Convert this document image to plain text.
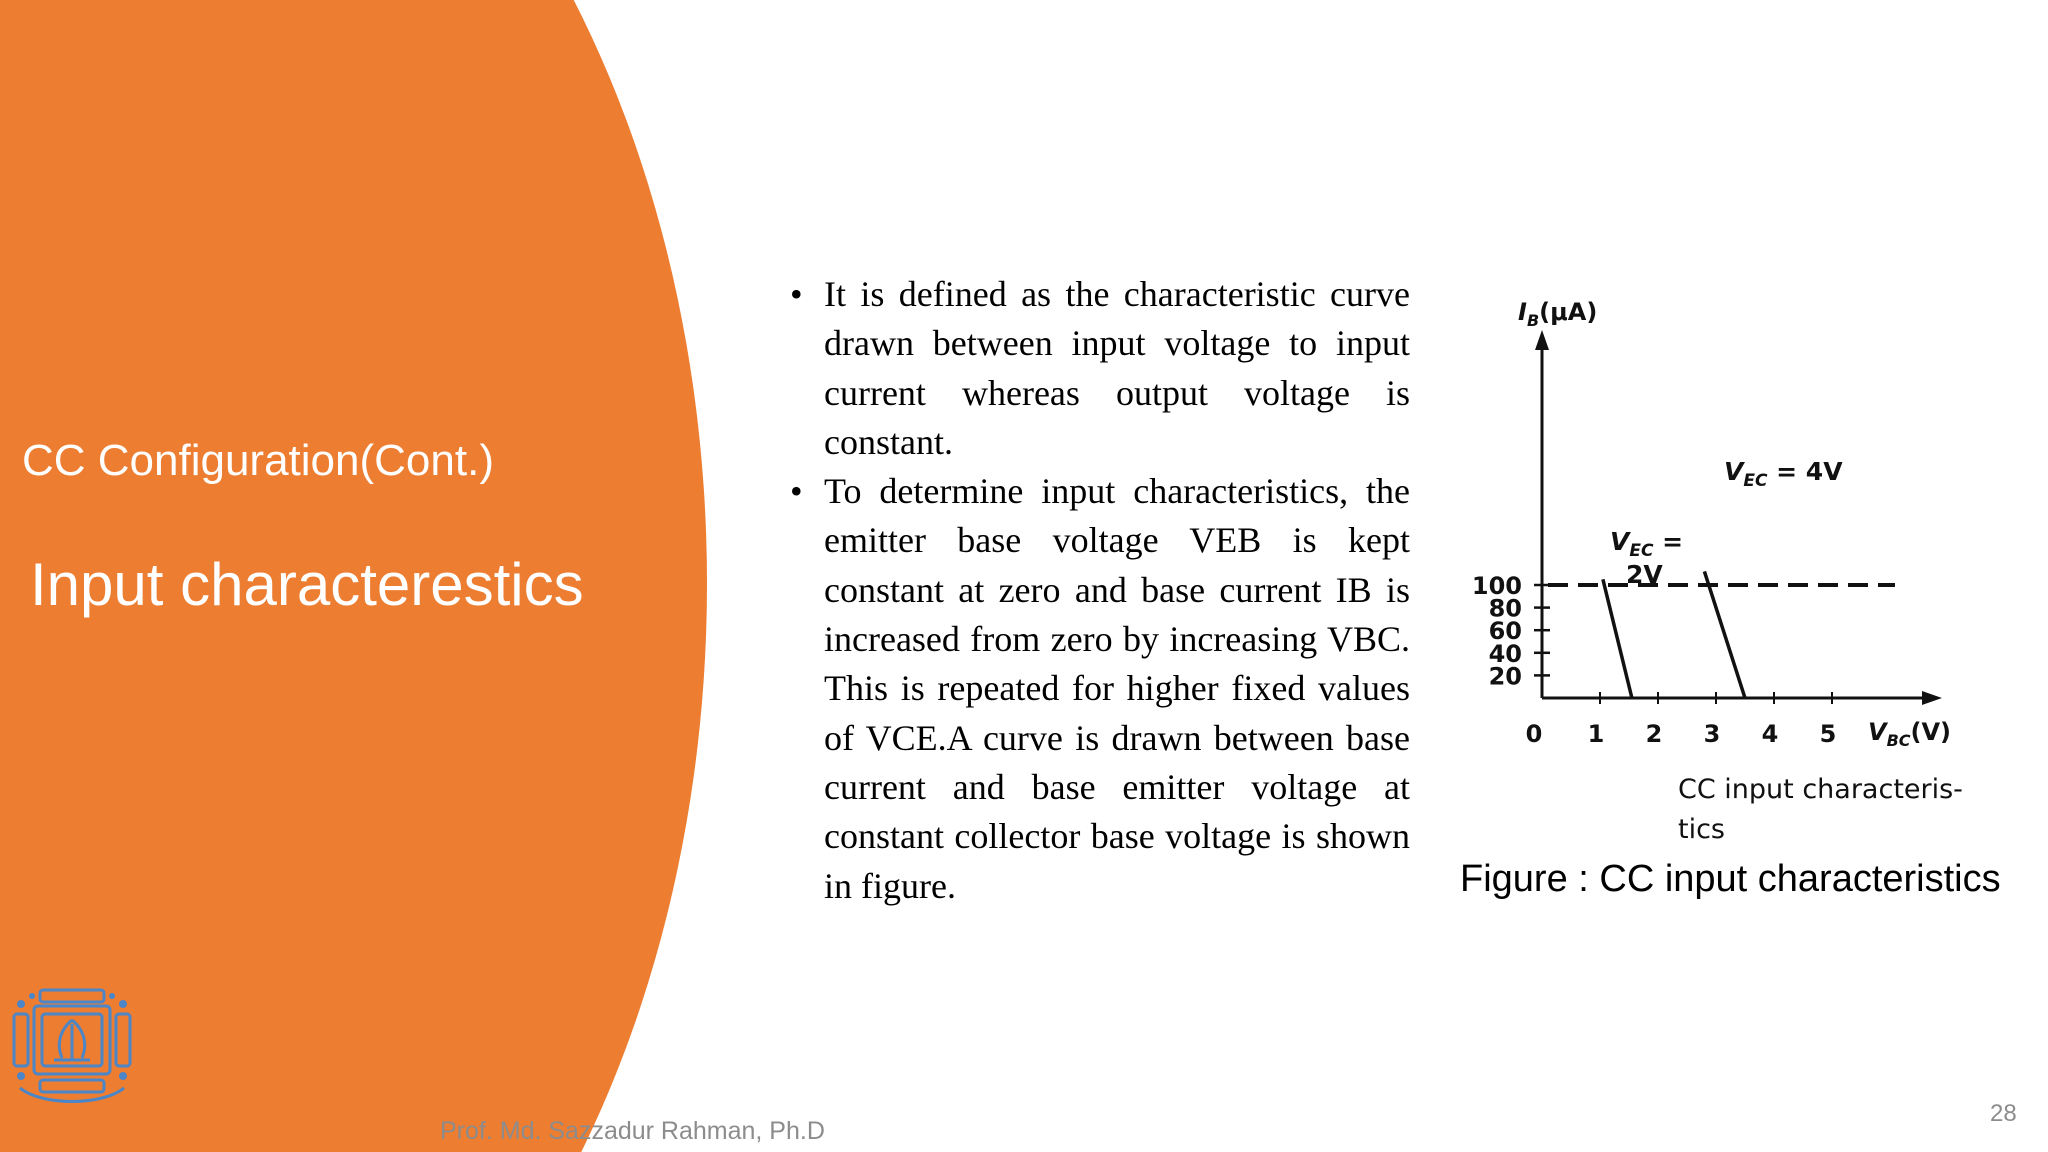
CC Configuration(Cont.)
Input characterestics
• It is defined as the characteristic curve drawn between input voltage to input current whereas output voltage is constant.
• To determine input characteristics, the emitter base voltage VEB is kept constant at zero and base current IB is increased from zero by increasing VBC. This is repeated for higher fixed values of VCE.A curve is drawn between base current and base emitter voltage at constant collector base voltage is shown in figure.
$I_B(\mu A)$
$V_{BC}(V)$
0 1 2 3 4 5
20
40
60
80
100
$V_{EC}$ =
2V
$V_{EC} = 4V$
CC input characteris-
tics
Figure : CC input characteristics
Prof. Md. Sazzadur Rahman, Ph.D
28
